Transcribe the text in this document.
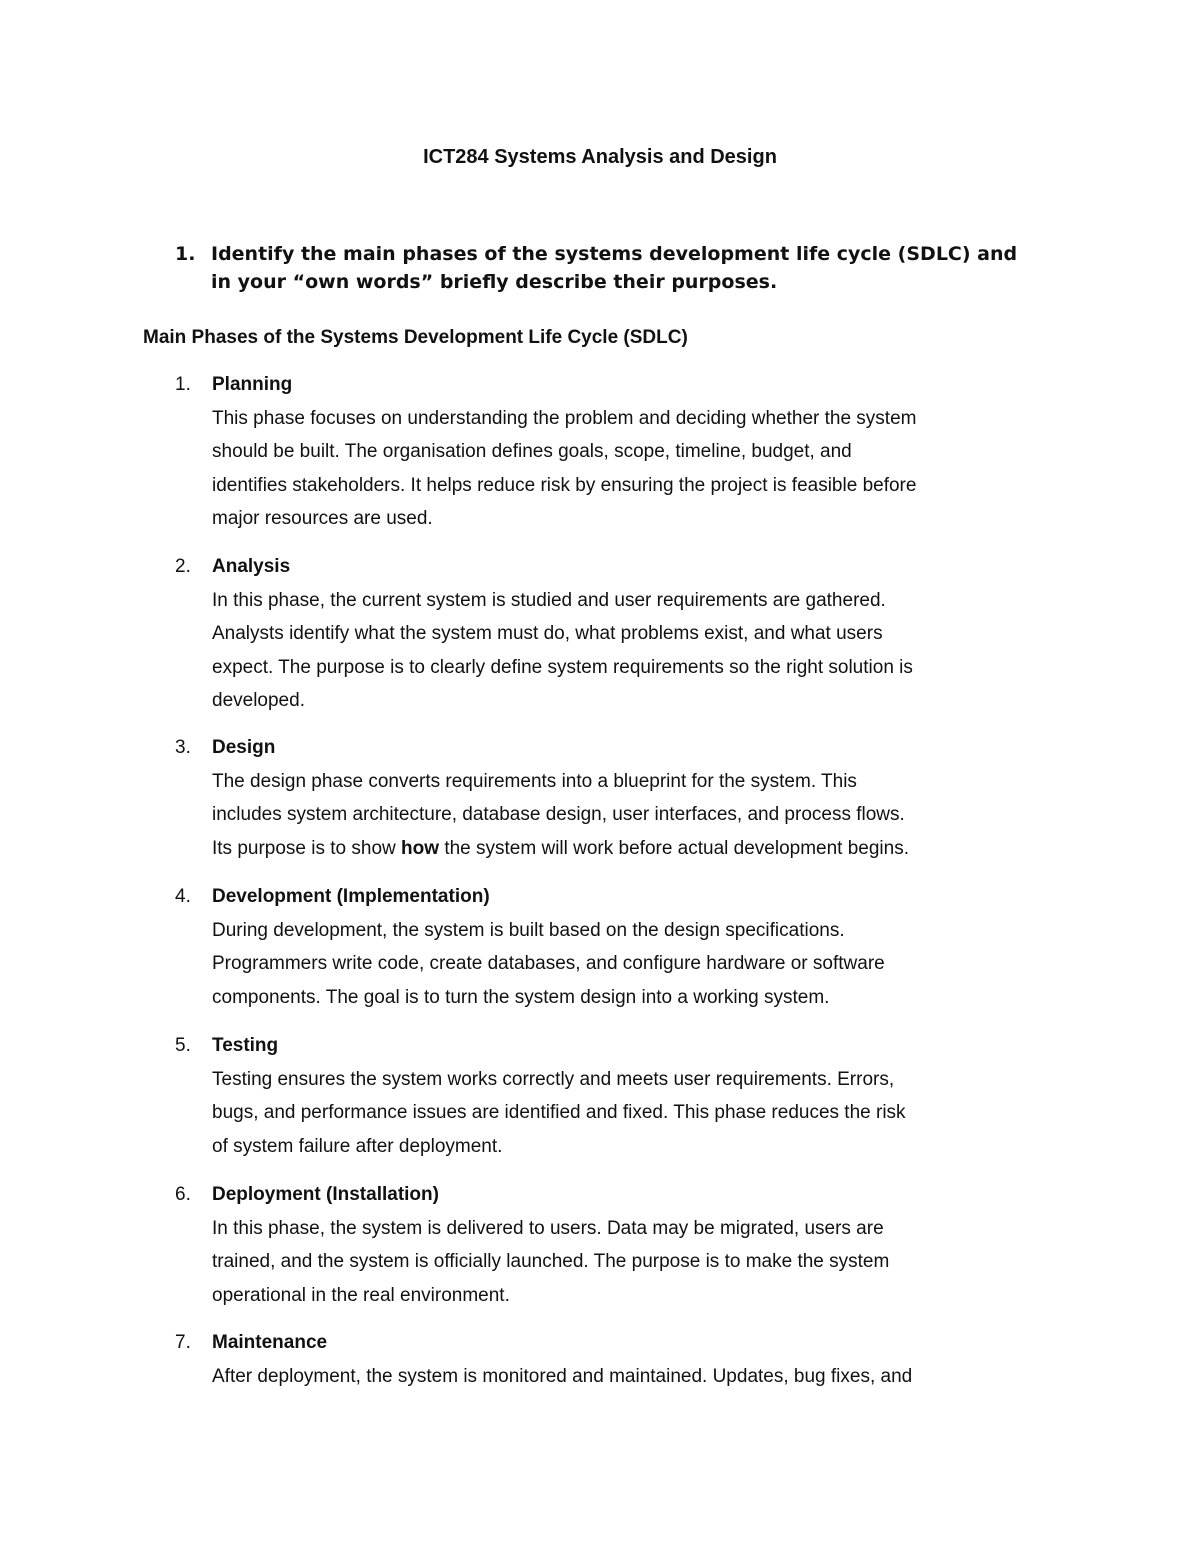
ICT284 Systems Analysis and Design
1. Identify the main phases of the systems development life cycle (SDLC) and
in your “own words” briefly describe their purposes.
Main Phases of the Systems Development Life Cycle (SDLC)
1. Planning
This phase focuses on understanding the problem and deciding whether the system
should be built. The organisation defines goals, scope, timeline, budget, and
identifies stakeholders. It helps reduce risk by ensuring the project is feasible before
major resources are used.
2. Analysis
In this phase, the current system is studied and user requirements are gathered.
Analysts identify what the system must do, what problems exist, and what users
expect. The purpose is to clearly define system requirements so the right solution is
developed.
3. Design
The design phase converts requirements into a blueprint for the system. This
includes system architecture, database design, user interfaces, and process flows.
Its purpose is to show how the system will work before actual development begins.
4. Development (Implementation)
During development, the system is built based on the design specifications.
Programmers write code, create databases, and configure hardware or software
components. The goal is to turn the system design into a working system.
5. Testing
Testing ensures the system works correctly and meets user requirements. Errors,
bugs, and performance issues are identified and fixed. This phase reduces the risk
of system failure after deployment.
6. Deployment (Installation)
In this phase, the system is delivered to users. Data may be migrated, users are
trained, and the system is officially launched. The purpose is to make the system
operational in the real environment.
7. Maintenance
After deployment, the system is monitored and maintained. Updates, bug fixes, and
